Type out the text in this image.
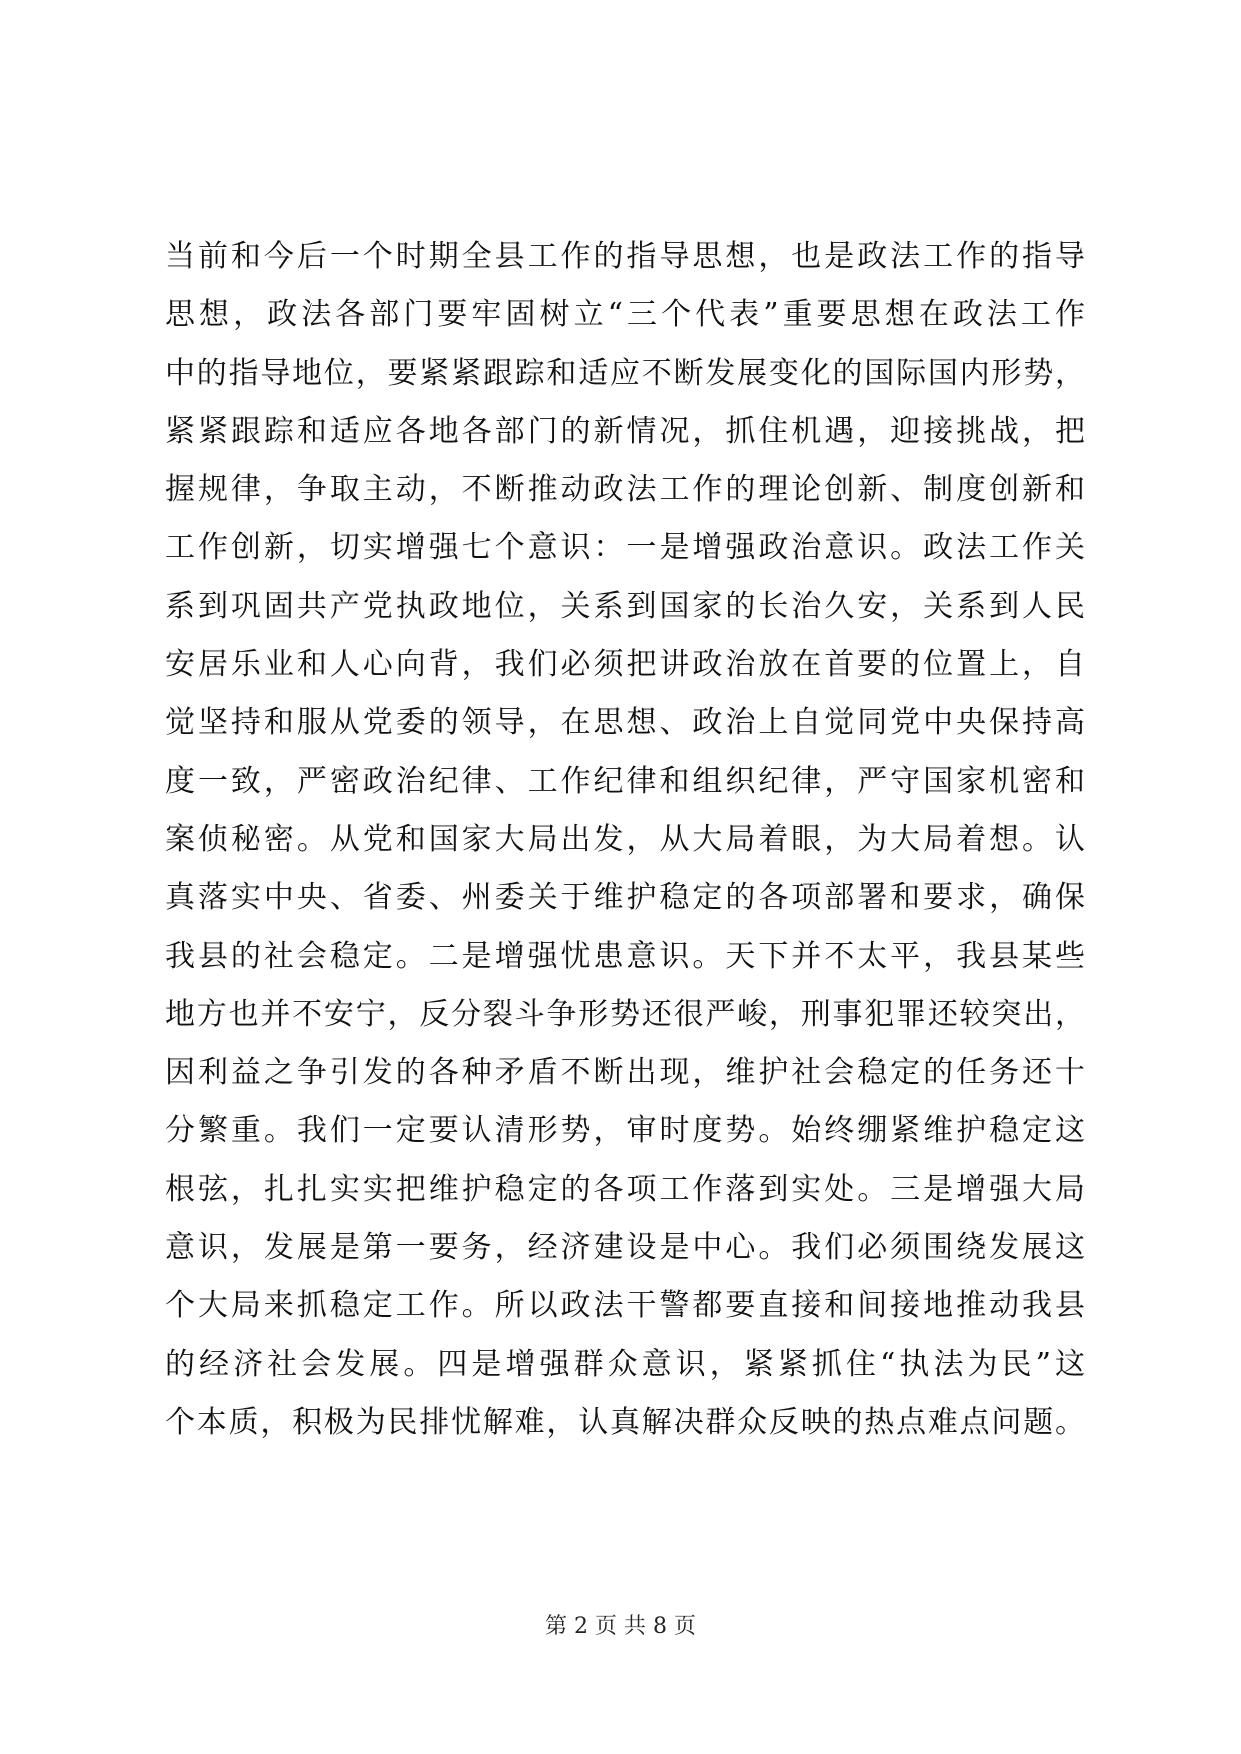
当前和今后一个时期全县工作的指导思想，也是政法工作的指导
思想，政法各部门要牢固树立“三个代表”重要思想在政法工作
中的指导地位，要紧紧跟踪和适应不断发展变化的国际国内形势，
紧紧跟踪和适应各地各部门的新情况，抓住机遇，迎接挑战，把
握规律，争取主动，不断推动政法工作的理论创新、制度创新和
工作创新，切实增强七个意识：一是增强政治意识。政法工作关
系到巩固共产党执政地位，关系到国家的长治久安，关系到人民
安居乐业和人心向背，我们必须把讲政治放在首要的位置上，自
觉坚持和服从党委的领导，在思想、政治上自觉同党中央保持高
度一致，严密政治纪律、工作纪律和组织纪律，严守国家机密和
案侦秘密。从党和国家大局出发，从大局着眼，为大局着想。认
真落实中央、省委、州委关于维护稳定的各项部署和要求，确保
我县的社会稳定。二是增强忧患意识。天下并不太平，我县某些
地方也并不安宁，反分裂斗争形势还很严峻，刑事犯罪还较突出，
因利益之争引发的各种矛盾不断出现，维护社会稳定的任务还十
分繁重。我们一定要认清形势，审时度势。始终绷紧维护稳定这
根弦，扎扎实实把维护稳定的各项工作落到实处。三是增强大局
意识，发展是第一要务，经济建设是中心。我们必须围绕发展这
个大局来抓稳定工作。所以政法干警都要直接和间接地推动我县
的经济社会发展。四是增强群众意识，紧紧抓住“执法为民”这
个本质，积极为民排忧解难，认真解决群众反映的热点难点问题。
第 2 页 共 8 页
